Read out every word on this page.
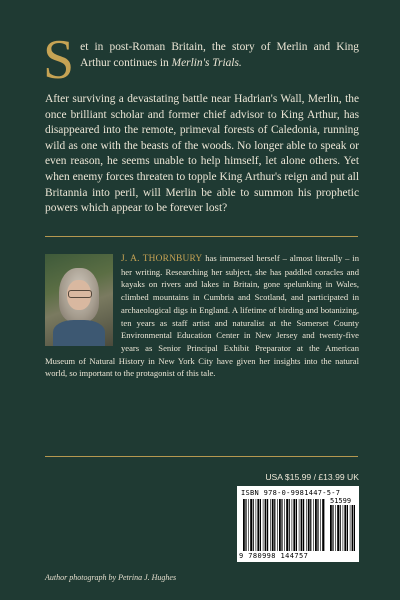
S et in post-Roman Britain, the story of Merlin and King Arthur continues in Merlin's Trials.

After surviving a devastating battle near Hadrian's Wall, Merlin, the once brilliant scholar and former chief advisor to King Arthur, has disappeared into the remote, primeval forests of Caledonia, running wild as one with the beasts of the woods. No longer able to speak or even reason, he seems unable to help himself, let alone others. Yet when enemy forces threaten to topple King Arthur's reign and put all Britannia into peril, will Merlin be able to summon his prophetic powers which appear to be forever lost?

J. A. THORNBURY has immersed herself – almost literally – in her writing. Researching her subject, she has paddled coracles and kayaks on rivers and lakes in Britain, gone spelunking in Wales, climbed mountains in Cumbria and Scotland, and participated in archaeological digs in England. A lifetime of birding and botanizing, ten years as staff artist and naturalist at the Somerset County Environmental Education Center in New Jersey and twenty-five years as Senior Principal Exhibit Preparator at the American Museum of Natural History in New York City have given her insights into the natural world, so important to the protagonist of this tale.
USA $15.99 / £13.99 UK
ISBN 978-0-9981447-5-7
51599
9 780998 144757
Author photograph by Petrina J. Hughes
